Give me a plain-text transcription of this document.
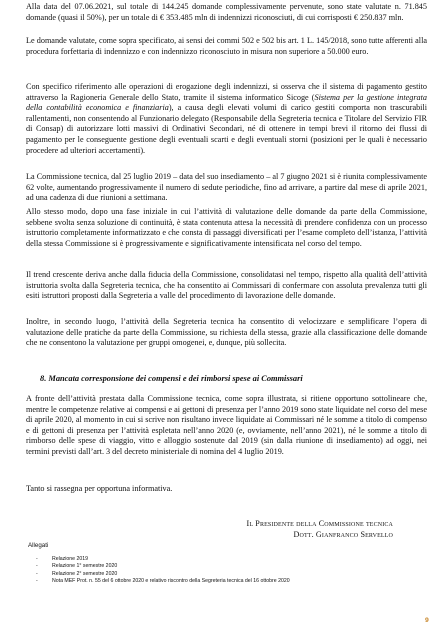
Alla data del 07.06.2021, sul totale di 144.245 domande complessivamente pervenute, sono state valutate n. 71.845 domande (quasi il 50%), per un totale di € 353.485 mln di indennizzi riconosciuti, di cui corrisposti € 250.837 mln.

Le domande valutate, come sopra specificato, ai sensi dei commi 502 e 502 bis art. 1 L. 145/2018, sono tutte afferenti alla procedura forfettaria di indennizzo e con indennizzo riconosciuto in misura non superiore a 50.000 euro.

Con specifico riferimento alle operazioni di erogazione degli indennizzi, si osserva che il sistema di pagamento gestito attraverso la Ragioneria Generale dello Stato, tramite il sistema informatico Sicoge (Sistema per la gestione integrata della contabilità economica e finanziaria), a causa degli elevati volumi di carico gestiti comporta non trascurabili rallentamenti, non consentendo al Funzionario delegato (Responsabile della Segreteria tecnica e Titolare del Servizio FIR di Consap) di autorizzare lotti massivi di Ordinativi Secondari, né di ottenere in tempi brevi il ritorno dei flussi di pagamento per le conseguente gestione degli eventuali scarti e degli eventuali storni (posizioni per le quali è necessario procedere ad ulteriori accertamenti).

La Commissione tecnica, dal 25 luglio 2019 – data del suo insediamento – al 7 giugno 2021 si è riunita complessivamente 62 volte, aumentando progressivamente il numero di sedute periodiche, fino ad arrivare, a partire dal mese di aprile 2021, ad una cadenza di due riunioni a settimana.

Allo stesso modo, dopo una fase iniziale in cui l’attività di valutazione delle domande da parte della Commissione, sebbene svolta senza soluzione di continuità, è stata contenuta attesa la necessità di prendere confidenza con un processo istruttorio completamente informatizzato e che consta di passaggi diversificati per l’esame completo dell’istanza, l’attività della stessa Commissione si è progressivamente e significativamente intensificata nel corso del tempo.

Il trend crescente deriva anche dalla fiducia della Commissione, consolidatasi nel tempo, rispetto alla qualità dell’attività istruttoria svolta dalla Segreteria tecnica, che ha consentito ai Commissari di confermare con assoluta prevalenza tutti gli esiti istruttori proposti dalla Segreteria a valle del procedimento di lavorazione delle domande.

Inoltre, in secondo luogo, l’attività della Segreteria tecnica ha consentito di velocizzare e semplificare l’opera di valutazione delle pratiche da parte della Commissione, su richiesta della stessa, grazie alla classificazione delle domande che ne consentono la valutazione per gruppi omogenei, e, dunque, più sollecita.

8. Mancata corresponsione dei compensi e dei rimborsi spese ai Commissari

A fronte dell’attività prestata dalla Commissione tecnica, come sopra illustrata, si ritiene opportuno sottolineare che, mentre le competenze relative ai compensi e ai gettoni di presenza per l’anno 2019 sono state liquidate nel corso del mese di aprile 2020, al momento in cui si scrive non risultano invece liquidate ai Commissari né le somme a titolo di compenso e di gettoni di presenza per l’attività espletata nell’anno 2020 (e, ovviamente, nell’anno 2021), né le somme a titolo di rimborso delle spese di viaggio, vitto e alloggio sostenute dal 2019 (sin dalla riunione di insediamento) ad oggi, nei termini previsti dall’art. 3 del decreto ministeriale di nomina del 4 luglio 2019.

Tanto si rassegna per opportuna informativa.

Il Presidente della Commissione tecnica

Dott. Gianfranco Servello

Allegati
-	Relazione 2019
-	Relazione 1° semestre 2020
-	Relazione 2° semestre 2020
-	Nota MEF Prot. n. 55 del 6 ottobre 2020 e relativo riscontro della Segreteria tecnica del 16 ottobre 2020
9
